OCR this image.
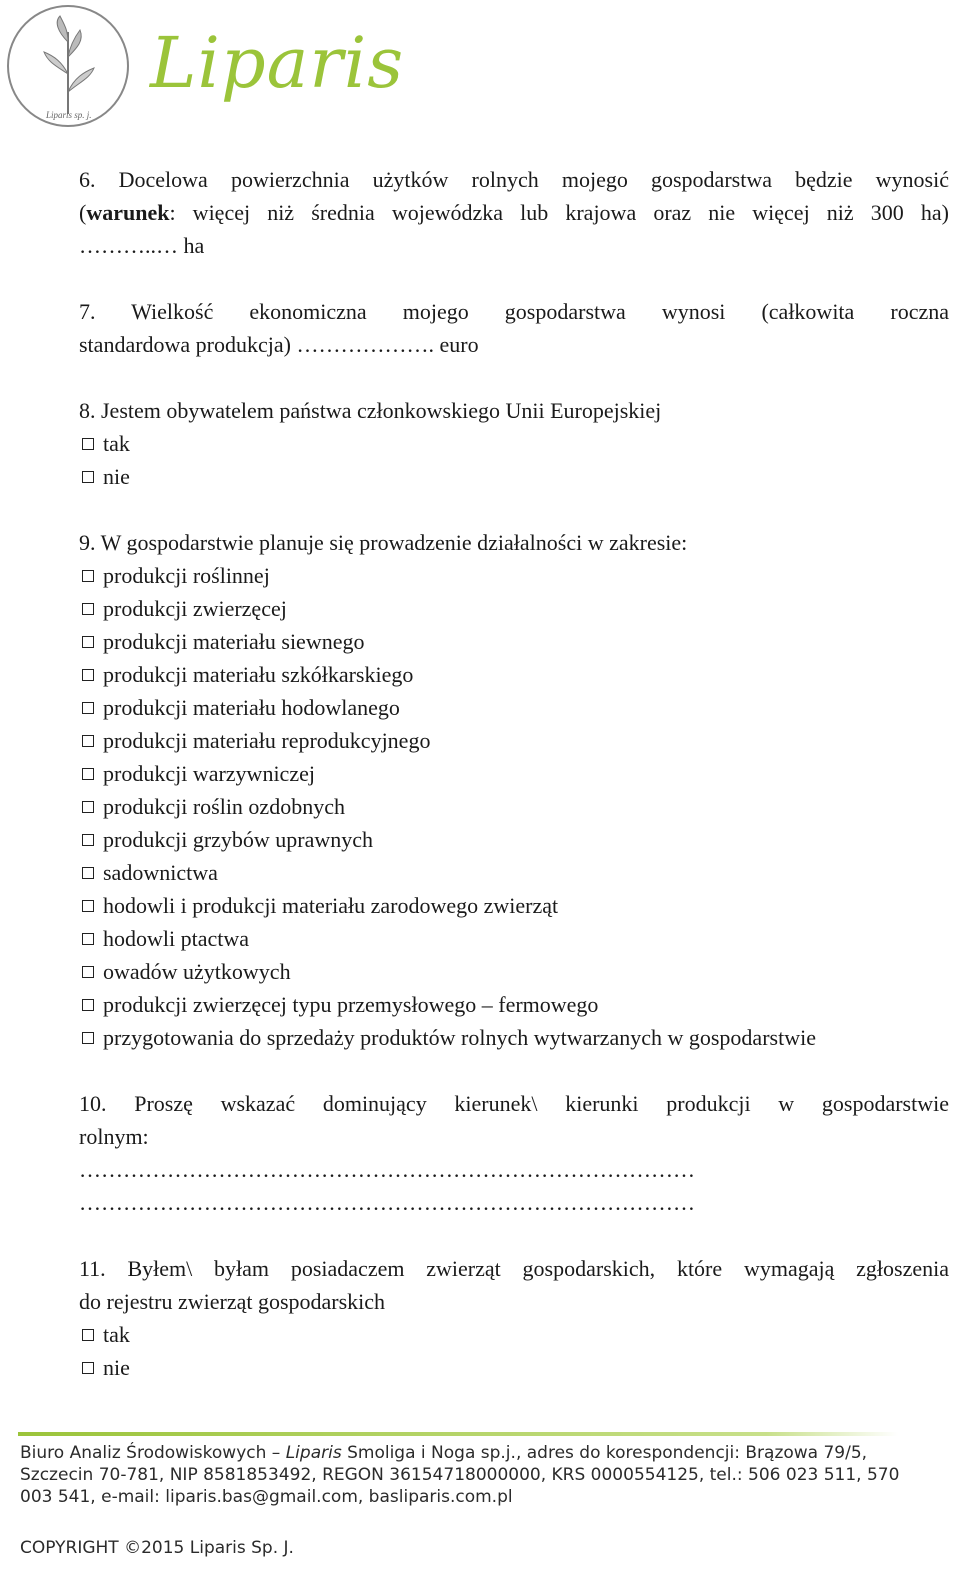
Liparis sp. j.
Liparis

6. Docelowa powierzchnia użytków rolnych mojego gospodarstwa będzie wynosić

(warunek: więcej niż średnia wojewódzka lub krajowa oraz nie więcej niż 300 ha)

………..… ha

7. Wielkość ekonomiczna mojego gospodarstwa wynosi (całkowita roczna

standardowa produkcja) ………………. euro

8. Jestem obywatelem państwa członkowskiego Unii Europejskiej

tak
nie

9. W gospodarstwie planuje się prowadzenie działalności w zakresie:

produkcji roślinnej
produkcji zwierzęcej
produkcji materiału siewnego
produkcji materiału szkółkarskiego
produkcji materiału hodowlanego
produkcji materiału reprodukcyjnego
produkcji warzywniczej
produkcji roślin ozdobnych
produkcji grzybów uprawnych
sadownictwa
hodowli i produkcji materiału zarodowego zwierząt
hodowli ptactwa
owadów użytkowych
produkcji zwierzęcej typu przemysłowego – fermowego
przygotowania do sprzedaży produktów rolnych wytwarzanych w gospodarstwie

10. Proszę wskazać dominujący kierunek\ kierunki produkcji w gospodarstwie

rolnym:

…………………………………………………………………………

…………………………………………………………………………

11. Byłem\ byłam posiadaczem zwierząt gospodarskich, które wymagają zgłoszenia

do rejestru zwierząt gospodarskich

tak
nie
Biuro Analiz Środowiskowych – Liparis Smoliga i Noga sp.j., adres do korespondencji: Brązowa 79/5,
Szczecin 70-781, NIP 8581853492, REGON 36154718000000, KRS 0000554125, tel.: 506 023 511, 570
003 541, e-mail: liparis.bas@gmail.com, basliparis.com.pl
COPYRIGHT ©2015 Liparis Sp. J.
